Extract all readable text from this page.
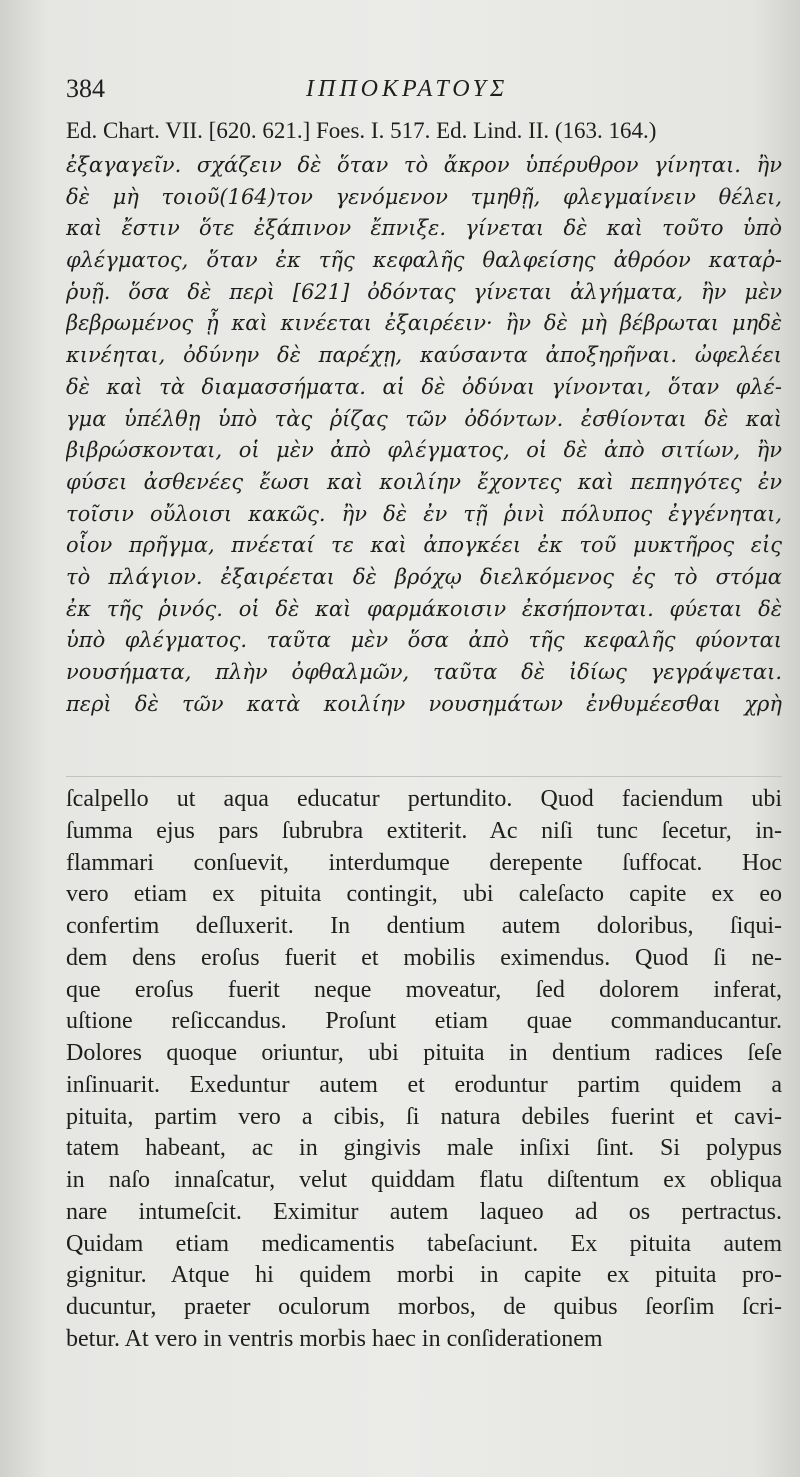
384	ΙΠΠΟΚΡΑΤΟΥΣ
Ed. Chart. VII. [620. 621.] Foes. I. 517. Ed. Lind. II. (163. 164.)
ἐξαγαγεῖν. σχάζειν δὲ ὅταν τὸ ἄκρον ὑπέρυθρον γίνηται. ἢν
δὲ μὴ τοιοῦ(164)τον γενόμενον τμηθῇ, φλεγμαίνειν θέλει,
καὶ ἔστιν ὅτε ἐξάπινον ἔπνιξε. γίνεται δὲ καὶ τοῦτο ὑπὸ
φλέγματος, ὅταν ἐκ τῆς κεφαλῆς θαλφείσης ἀθρόον καταῤ-
ῥυῇ. ὅσα δὲ περὶ [621] ὀδόντας γίνεται ἀλγήματα, ἢν μὲν
βεβρωμένος ᾖ καὶ κινέεται ἐξαιρέειν· ἢν δὲ μὴ βέβρωται μηδὲ
κινέηται, ὀδύνην δὲ παρέχῃ, καύσαντα ἀποξηρῆναι. ὠφελέει
δὲ καὶ τὰ διαμασσήματα. αἱ δὲ ὀδύναι γίνονται, ὅταν φλέ-
γμα ὑπέλθῃ ὑπὸ τὰς ῥίζας τῶν ὀδόντων. ἐσθίονται δὲ καὶ
βιβρώσκονται, οἱ μὲν ἀπὸ φλέγματος, οἱ δὲ ἀπὸ σιτίων, ἢν
φύσει ἀσθενέες ἔωσι καὶ κοιλίην ἔχοντες καὶ πεπηγότες ἐν
τοῖσιν οὔλοισι κακῶς. ἢν δὲ ἐν τῇ ῥινὶ πόλυπος ἐγγένηται,
οἷον πρῆγμα, πνέεταί τε καὶ ἀπογκέει ἐκ τοῦ μυκτῆρος εἰς
τὸ πλάγιον. ἐξαιρέεται δὲ βρόχῳ διελκόμενος ἐς τὸ στόμα
ἐκ τῆς ῥινός. οἱ δὲ καὶ φαρμάκοισιν ἐκσήπονται. φύεται δὲ
ὑπὸ φλέγματος. ταῦτα μὲν ὅσα ἀπὸ τῆς κεφαλῆς φύονται
νουσήματα, πλὴν ὀφθαλμῶν, ταῦτα δὲ ἰδίως γεγράψεται.
περὶ δὲ τῶν κατὰ κοιλίην νουσημάτων ἐνθυμέεσθαι χρὴ
ſcalpello ut aqua educatur pertundito. Quod faciendum ubi
ſumma ejus pars ſubrubra extiterit. Ac niſi tunc ſecetur, in-
flammari conſuevit, interdumque derepente ſuffocat. Hoc
vero etiam ex pituita contingit, ubi caleſacto capite ex eo
confertim deſluxerit. In dentium autem doloribus, ſiqui-
dem dens eroſus fuerit et mobilis eximendus. Quod ſi ne-
que eroſus fuerit neque moveatur, ſed dolorem inferat,
uſtione reſiccandus. Proſunt etiam quae commanducantur.
Dolores quoque oriuntur, ubi pituita in dentium radices ſeſe
inſinuarit. Exeduntur autem et eroduntur partim quidem a
pituita, partim vero a cibis, ſi natura debiles fuerint et cavi-
tatem habeant, ac in gingivis male inſixi ſint. Si polypus
in naſo innaſcatur, velut quiddam flatu diſtentum ex obliqua
nare intumeſcit. Eximitur autem laqueo ad os pertractus.
Quidam etiam medicamentis tabeſaciunt. Ex pituita autem
gignitur. Atque hi quidem morbi in capite ex pituita pro-
ducuntur, praeter oculorum morbos, de quibus ſeorſim ſcri-
betur. At vero in ventris morbis haec in conſiderationem
